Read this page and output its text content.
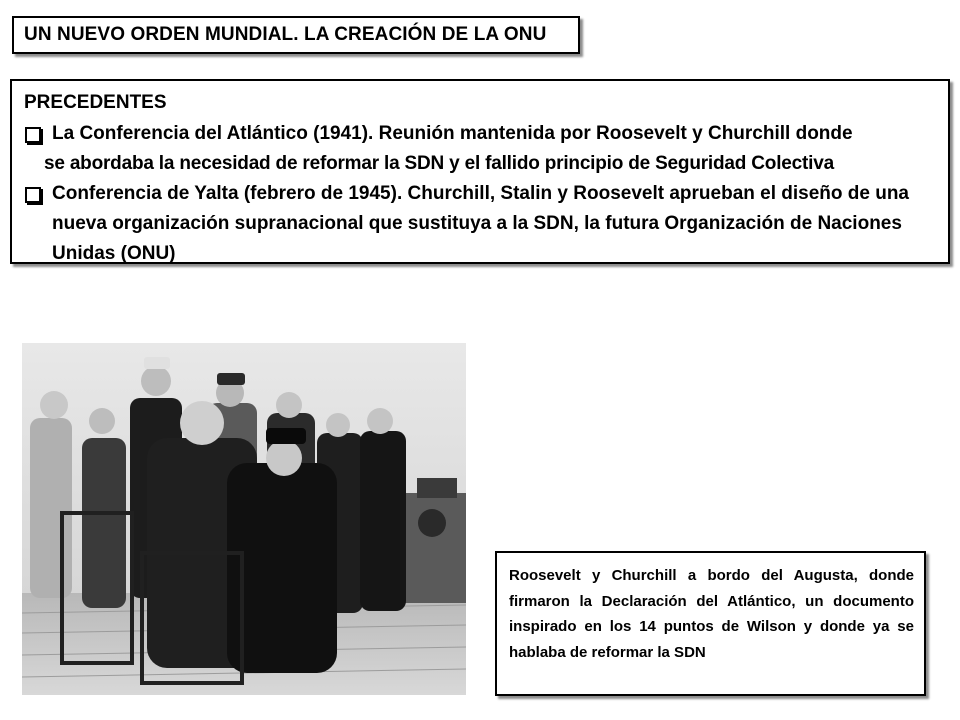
UN NUEVO ORDEN MUNDIAL. LA CREACIÓN DE LA ONU
PRECEDENTES
La Conferencia del Atlántico (1941). Reunión mantenida por Roosevelt y Churchill donde
se abordaba la necesidad de reformar la SDN y el fallido principio de Seguridad Colectiva
Conferencia de Yalta (febrero de 1945). Churchill, Stalin y Roosevelt aprueban el diseño de una nueva organización supranacional que sustituya a la SDN, la futura Organización de Naciones Unidas (ONU)
Roosevelt y Churchill a bordo del Augusta, donde firmaron la Declaración del Atlántico, un documento inspirado en los 14 puntos de Wilson y donde ya se hablaba de reformar la SDN
